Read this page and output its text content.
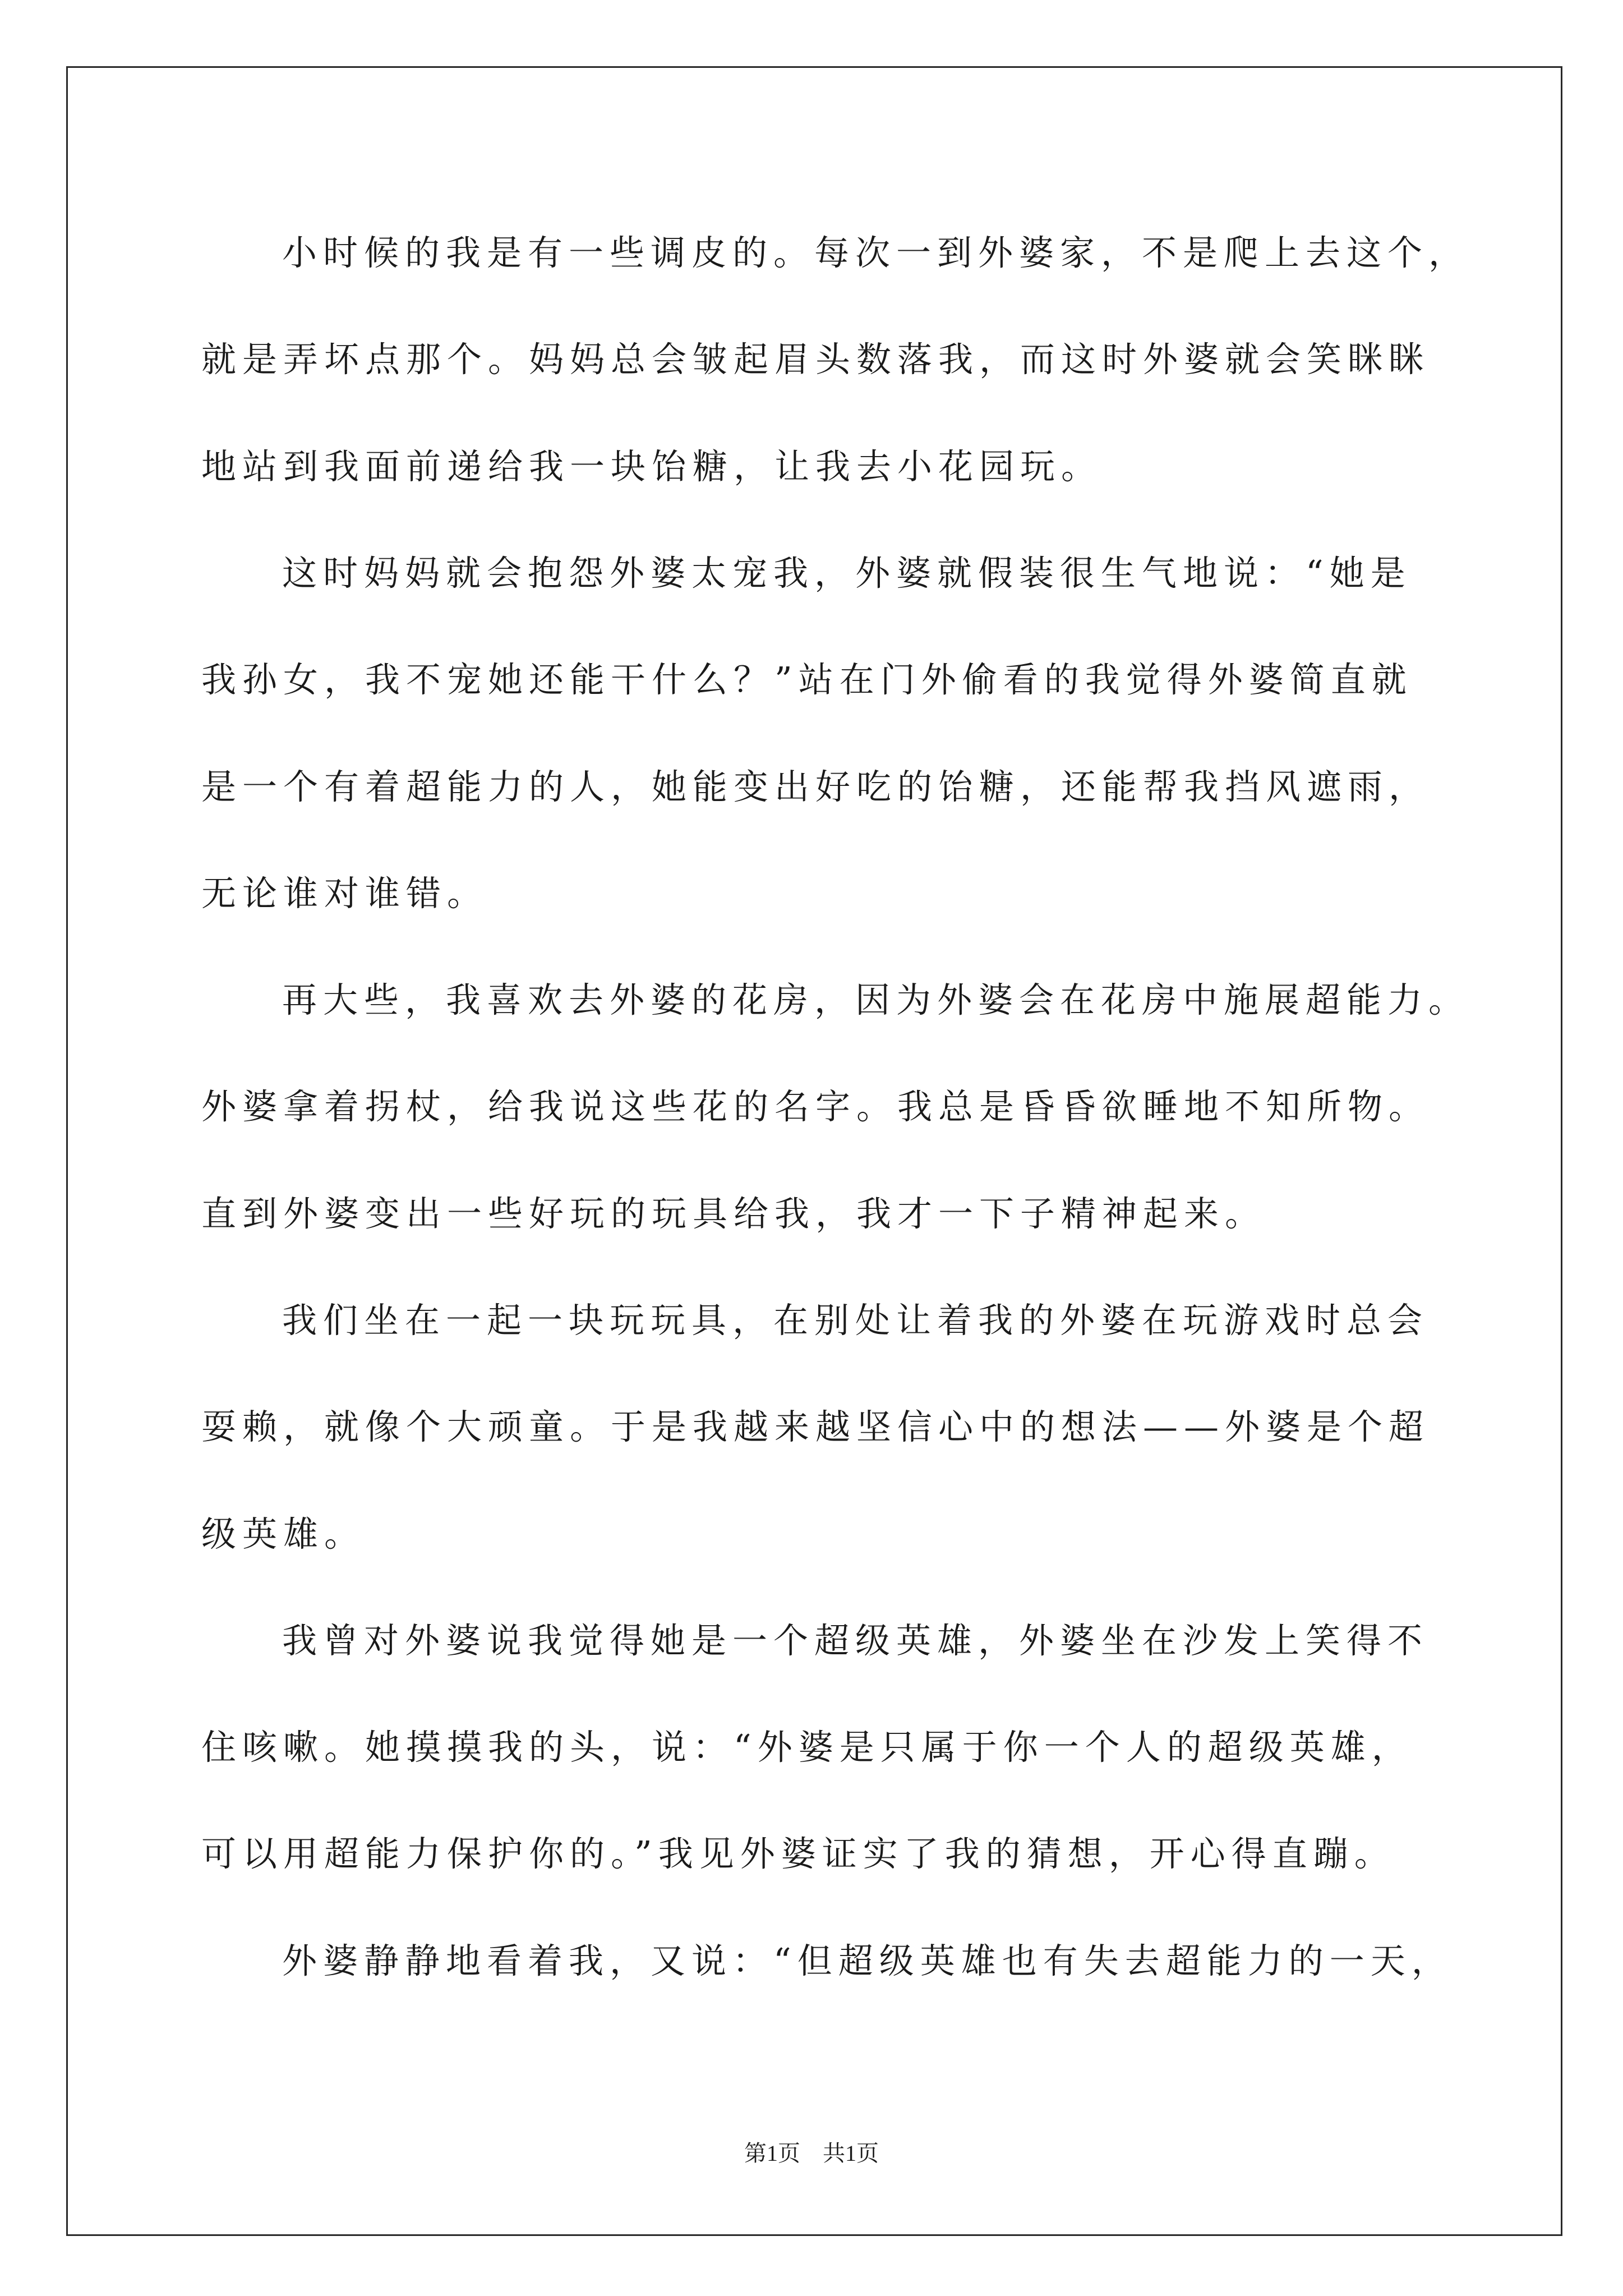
小时候的我是有一些调皮的。每次一到外婆家，不是爬上去这个，
就是弄坏点那个。妈妈总会皱起眉头数落我，而这时外婆就会笑眯眯
地站到我面前递给我一块饴糖，让我去小花园玩。
这时妈妈就会抱怨外婆太宠我，外婆就假装很生气地说：“她是
我孙女，我不宠她还能干什么？”站在门外偷看的我觉得外婆简直就
是一个有着超能力的人，她能变出好吃的饴糖，还能帮我挡风遮雨，
无论谁对谁错。
再大些，我喜欢去外婆的花房，因为外婆会在花房中施展超能力。
外婆拿着拐杖，给我说这些花的名字。我总是昏昏欲睡地不知所物。
直到外婆变出一些好玩的玩具给我，我才一下子精神起来。
我们坐在一起一块玩玩具，在别处让着我的外婆在玩游戏时总会
耍赖，就像个大顽童。于是我越来越坚信心中的想法——外婆是个超
级英雄。
我曾对外婆说我觉得她是一个超级英雄，外婆坐在沙发上笑得不
住咳嗽。她摸摸我的头，说：“外婆是只属于你一个人的超级英雄，
可以用超能力保护你的。”我见外婆证实了我的猜想，开心得直蹦。
外婆静静地看着我，又说：“但超级英雄也有失去超能力的一天，
第1页　共1页
